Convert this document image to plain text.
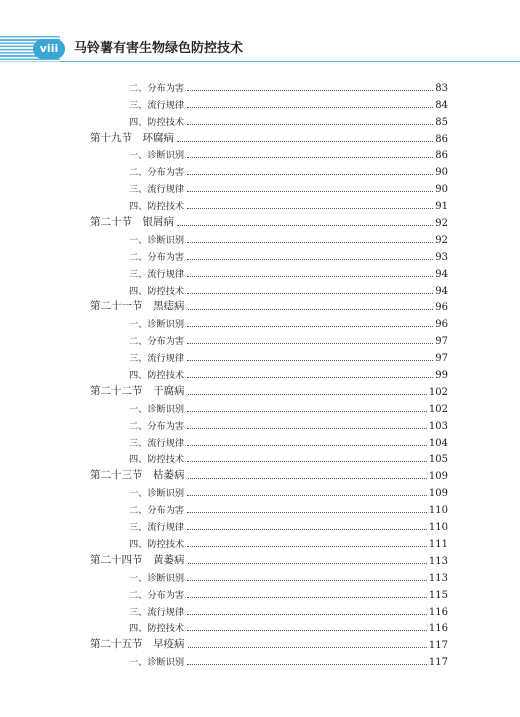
viii	马铃薯有害生物绿色防控技术
二、分布为害	83
三、流行规律	84
四、防控技术	85
第十九节　环腐病	86
一、诊断识别	86
二、分布为害	90
三、流行规律	90
四、防控技术	91
第二十节　银屑病	92
一、诊断识别	92
二、分布为害	93
三、流行规律	94
四、防控技术	94
第二十一节　黑痣病	96
一、诊断识别	96
二、分布为害	97
三、流行规律	97
四、防控技术	99
第二十二节　干腐病	102
一、诊断识别	102
二、分布为害	103
三、流行规律	104
四、防控技术	105
第二十三节　枯萎病	109
一、诊断识别	109
二、分布为害	110
三、流行规律	110
四、防控技术	111
第二十四节　黄萎病	113
一、诊断识别	113
二、分布为害	115
三、流行规律	116
四、防控技术	116
第二十五节　早疫病	117
一、诊断识别	117
